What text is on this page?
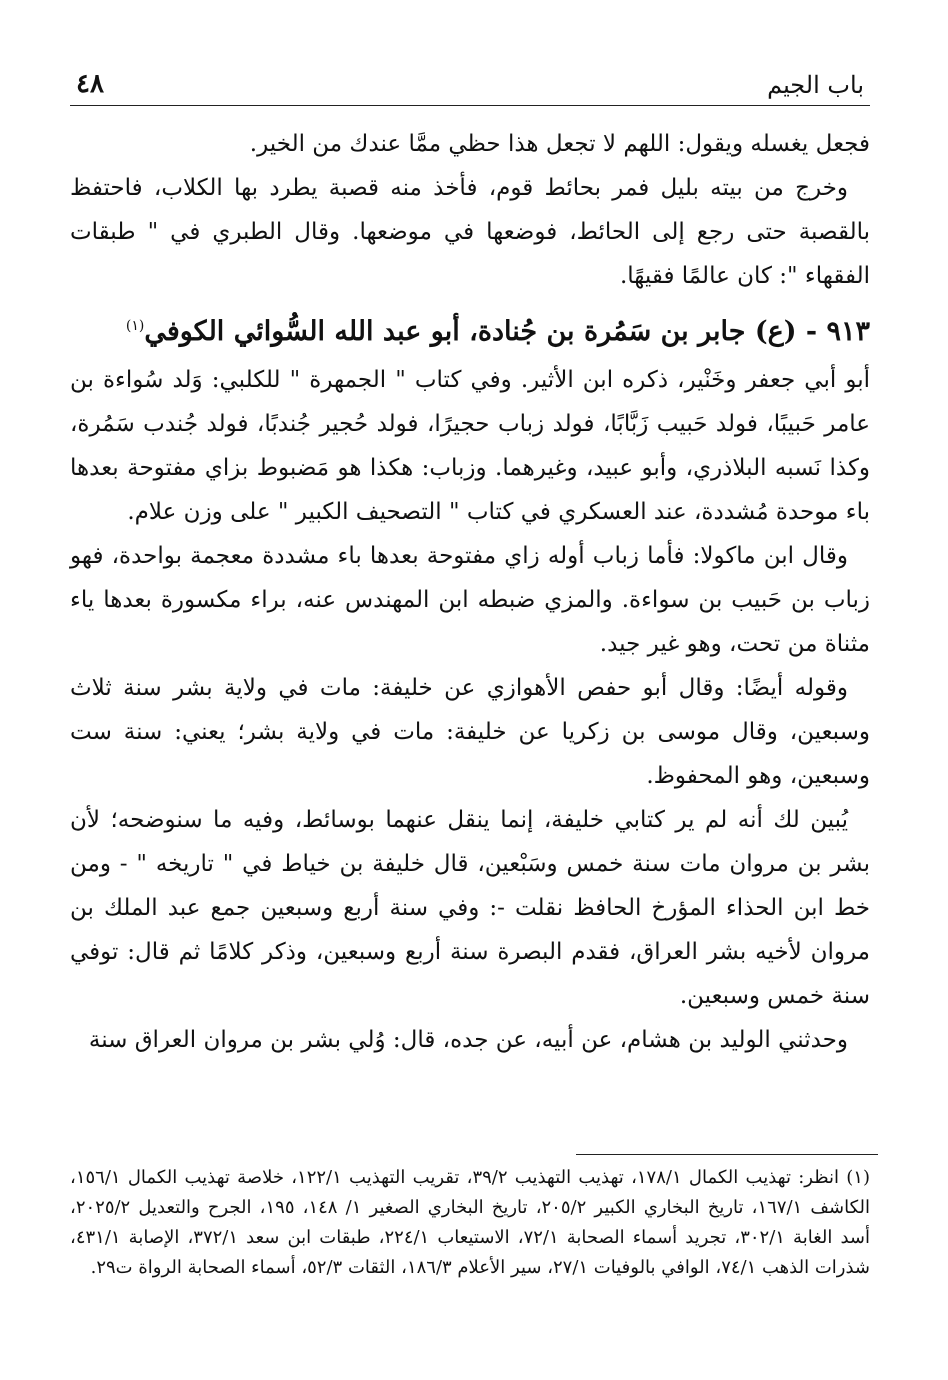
باب الجيم
٤٨

فجعل يغسله ويقول: اللهم لا تجعل هذا حظي ممَّا عندك من الخير.

وخرج من بيته بليل فمر بحائط قوم، فأخذ منه قصبة يطرد بها الكلاب، فاحتفظ بالقصبة حتى رجع إلى الحائط، فوضعها في موضعها. وقال الطبري في " طبقات الفقهاء ": كان عالمًا فقيهًا.

٩١٣ - (ع) جابر بن سَمُرة بن جُنادة، أبو عبد الله السُّوائي الكوفي$^{(١)}$

أبو أبي جعفر وخَنْير، ذكره ابن الأثير. وفي كتاب " الجمهرة " للكلبي: وَلد سُواءة بن عامر حَبيبًا، فولد حَبيب زَبَّابًا، فولد زباب حجيرًا، فولد حُجير جُندبًا، فولد جُندب سَمُرة، وكذا نَسبه البلاذري، وأبو عبيد، وغيرهما. وزباب: هكذا هو مَضبوط بزاي مفتوحة بعدها باء موحدة مُشددة، عند العسكري في كتاب " التصحيف الكبير " على وزن علام.

وقال ابن ماكولا: فأما زباب أوله زاي مفتوحة بعدها باء مشددة معجمة بواحدة، فهو زباب بن حَبيب بن سواءة. والمزي ضبطه ابن المهندس عنه، براء مكسورة بعدها ياء مثناة من تحت، وهو غير جيد.

وقوله أيضًا: وقال أبو حفص الأهوازي عن خليفة: مات في ولاية بشر سنة ثلاث وسبعين، وقال موسى بن زكريا عن خليفة: مات في ولاية بشر؛ يعني: سنة ست وسبعين، وهو المحفوظ.

يُبين لك أنه لم ير كتابي خليفة، إنما ينقل عنهما بوسائط، وفيه ما سنوضحه؛ لأن بشر بن مروان مات سنة خمس وسَبْعين، قال خليفة بن خياط في " تاريخه " - ومن خط ابن الحذاء المؤرخ الحافظ نقلت -: وفي سنة أربع وسبعين جمع عبد الملك بن مروان لأخيه بشر العراق، فقدم البصرة سنة أربع وسبعين، وذكر كلامًا ثم قال: توفي سنة خمس وسبعين.

وحدثني الوليد بن هشام، عن أبيه، عن جده، قال: وُلي بشر بن مروان العراق سنة

(١) انظر: تهذيب الكمال ١٧٨/١، تهذيب التهذيب ٣٩/٢، تقريب التهذيب ١٢٢/١، خلاصة تهذيب الكمال ١٥٦/١، الكاشف ١٦٧/١، تاريخ البخاري الكبير ٢٠٥/٢، تاريخ البخاري الصغير ١/ ١٤٨، ١٩٥، الجرح والتعديل ٢٠٢٥/٢، أسد الغابة ٣٠٢/١، تجريد أسماء الصحابة ٧٢/١، الاستيعاب ٢٢٤/١، طبقات ابن سعد ٣٧٢/١، الإصابة ٤٣١/١، شذرات الذهب ٧٤/١، الوافي بالوفيات ٢٧/١، سير الأعلام ١٨٦/٣، الثقات ٥٢/٣، أسماء الصحابة الرواة ت٢٩.
